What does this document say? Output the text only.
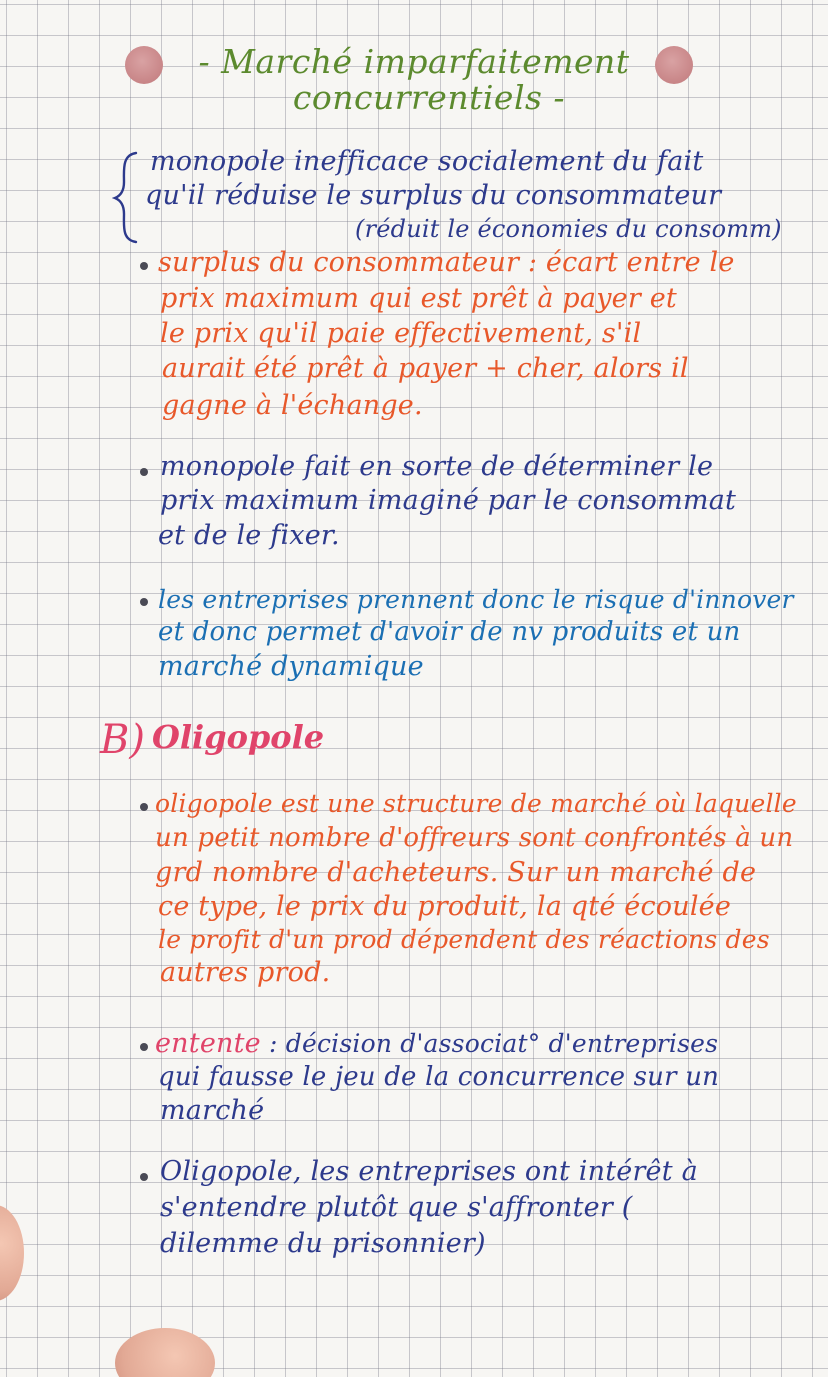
- Marché imparfaitement
concurrentiels -
monopole inefficace socialement du fait
qu'il réduise le surplus du consommateur
(réduit le économies du consomm)
surplus du consommateur : écart entre le
prix maximum qui est prêt à payer et
le prix qu'il paie effectivement, s'il
aurait été prêt à payer + cher, alors il
gagne à l'échange.
monopole fait en sorte de déterminer le
prix maximum imaginé par le consommat
et de le fixer.
les entreprises prennent donc le risque d'innover
et donc permet d'avoir de nv produits et un
marché dynamique
B) Oligopole
oligopole est une structure de marché où laquelle
un petit nombre d'offreurs sont confrontés à un
grd nombre d'acheteurs. Sur un marché de
ce type, le prix du produit, la qté écoulée
le profit d'un prod dépendent des réactions des
autres prod.
entente : décision d'associat° d'entreprises
qui fausse le jeu de la concurrence sur un
marché
Oligopole, les entreprises ont intérêt à
s'entendre plutôt que s'affronter (
dilemme du prisonnier)
